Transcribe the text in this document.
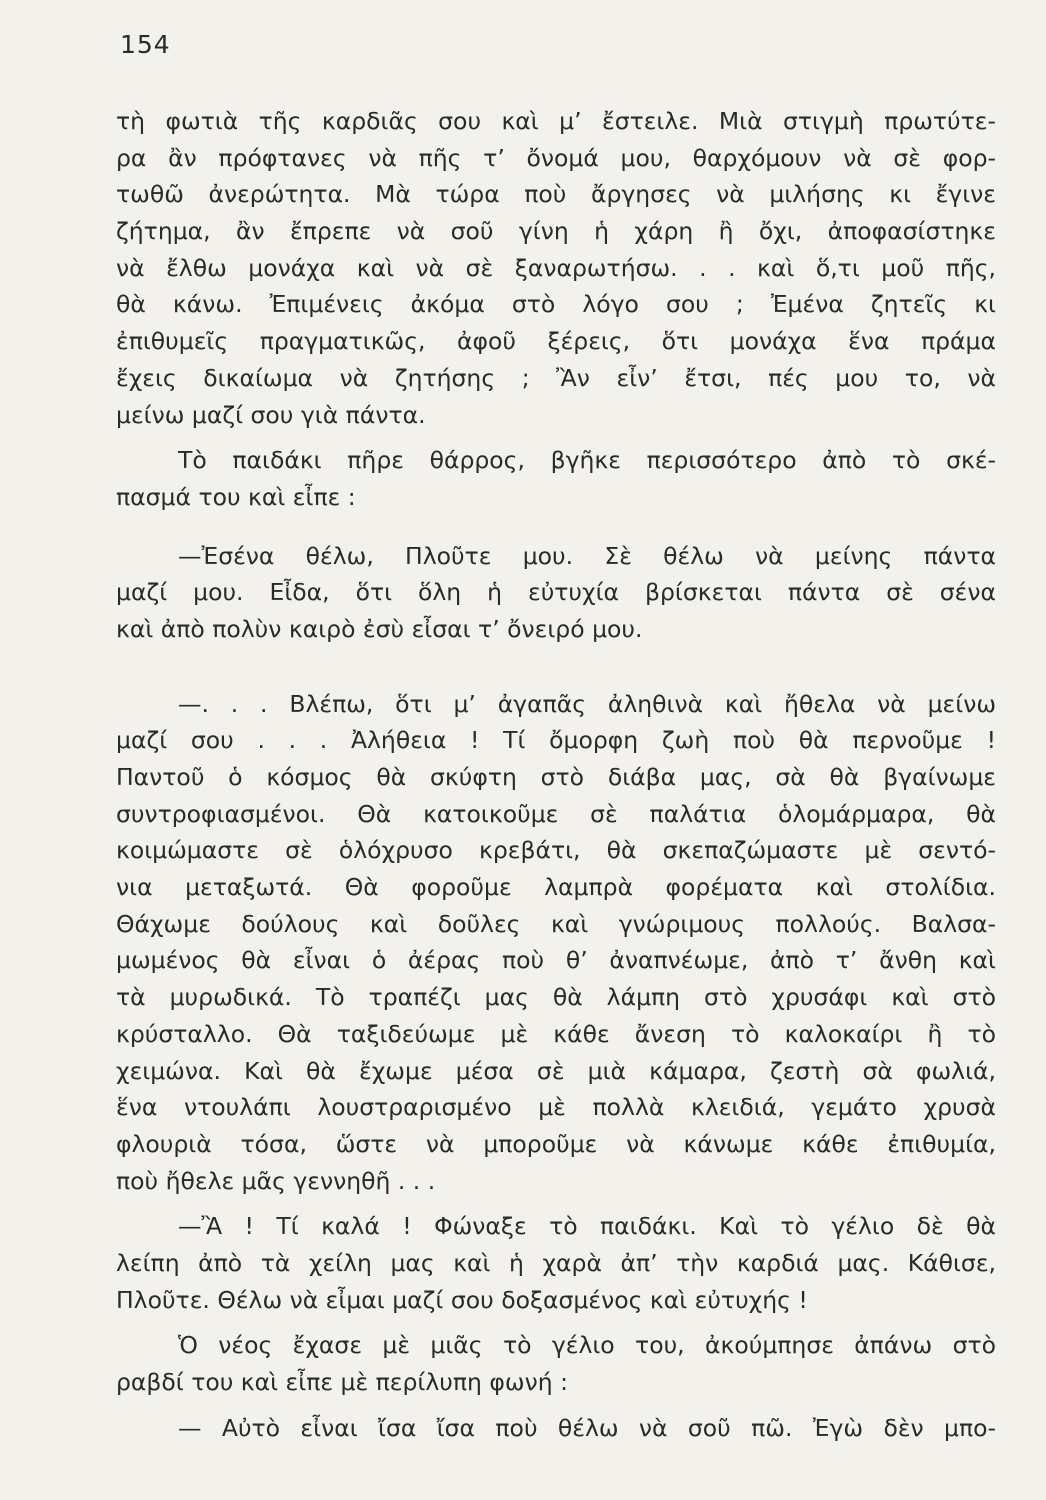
154
τὴ φωτιὰ τῆς καρδιᾶς σου καὶ μ’ ἔστειλε. Μιὰ στιγμὴ πρωτύτε-
ρα ἂν πρόφτανες νὰ πῆς τ’ ὄνομά μου, θαρχόμουν νὰ σὲ φορ-
τωθῶ ἀνερώτητα. Μὰ τώρα ποὺ ἄργησες νὰ μιλήσης κι ἔγινε
ζήτημα, ἂν ἔπρεπε νὰ σοῦ γίνη ἡ χάρη ἢ ὄχι, ἀποφασίστηκε
νὰ ἔλθω μονάχα καὶ νὰ σὲ ξαναρωτήσω. . . καὶ ὅ,τι μοῦ πῆς,
θὰ κάνω. Ἐπιμένεις ἀκόμα στὸ λόγο σου ; Ἐμένα ζητεῖς κι
ἐπιθυμεῖς πραγματικῶς, ἀφοῦ ξέρεις, ὅτι μονάχα ἕνα πράμα
ἔχεις δικαίωμα νὰ ζητήσης ; Ἂν εἶν’ ἔτσι, πές μου το, νὰ
μείνω μαζί σου γιὰ πάντα.
Τὸ παιδάκι πῆρε θάρρος, βγῆκε περισσότερο ἀπὸ τὸ σκέ-
πασμά του καὶ εἶπε :
—Ἐσένα θέλω, Πλοῦτε μου. Σὲ θέλω νὰ μείνης πάντα
μαζί μου. Εἶδα, ὅτι ὅλη ἡ εὐτυχία βρίσκεται πάντα σὲ σένα
καὶ ἀπὸ πολὺν καιρὸ ἐσὺ εἶσαι τ’ ὄνειρό μου.
—. . . Βλέπω, ὅτι μ’ ἀγαπᾶς ἀληθινὰ καὶ ἤθελα νὰ μείνω
μαζί σου . . . Ἀλήθεια ! Τί ὄμορφη ζωὴ ποὺ θὰ περνοῦμε !
Παντοῦ ὁ κόσμος θὰ σκύφτη στὸ διάβα μας, σὰ θὰ βγαίνωμε
συντροφιασμένοι. Θὰ κατοικοῦμε σὲ παλάτια ὁλομάρμαρα, θὰ
κοιμώμαστε σὲ ὁλόχρυσο κρεβάτι, θὰ σκεπαζώμαστε μὲ σεντό-
νια μεταξωτά. Θὰ φοροῦμε λαμπρὰ φορέματα καὶ στολίδια.
Θάχωμε δούλους καὶ δοῦλες καὶ γνώριμους πολλούς. Βαλσα-
μωμένος θὰ εἶναι ὁ ἀέρας ποὺ θ’ ἀναπνέωμε, ἀπὸ τ’ ἄνθη καὶ
τὰ μυρωδικά. Τὸ τραπέζι μας θὰ λάμπη στὸ χρυσάφι καὶ στὸ
κρύσταλλο. Θὰ ταξιδεύωμε μὲ κάθε ἄνεση τὸ καλοκαίρι ἢ τὸ
χειμώνα. Καὶ θὰ ἔχωμε μέσα σὲ μιὰ κάμαρα, ζεστὴ σὰ φωλιά,
ἕνα ντουλάπι λουστραρισμένο μὲ πολλὰ κλειδιά, γεμάτο χρυσὰ
φλουριὰ τόσα, ὥστε νὰ μποροῦμε νὰ κάνωμε κάθε ἐπιθυμία,
ποὺ ἤθελε μᾶς γεννηθῆ . . .
—Ἂ ! Τί καλά ! Φώναξε τὸ παιδάκι. Καὶ τὸ γέλιο δὲ θὰ
λείπη ἀπὸ τὰ χείλη μας καὶ ἡ χαρὰ ἀπ’ τὴν καρδιά μας. Κάθισε,
Πλοῦτε. Θέλω νὰ εἶμαι μαζί σου δοξασμένος καὶ εὐτυχής !
Ὁ νέος ἔχασε μὲ μιᾶς τὸ γέλιο του, ἀκούμπησε ἀπάνω στὸ
ραβδί του καὶ εἶπε μὲ περίλυπη φωνή :
— Αὐτὸ εἶναι ἴσα ἴσα ποὺ θέλω νὰ σοῦ πῶ. Ἐγὼ δὲν μπο-
